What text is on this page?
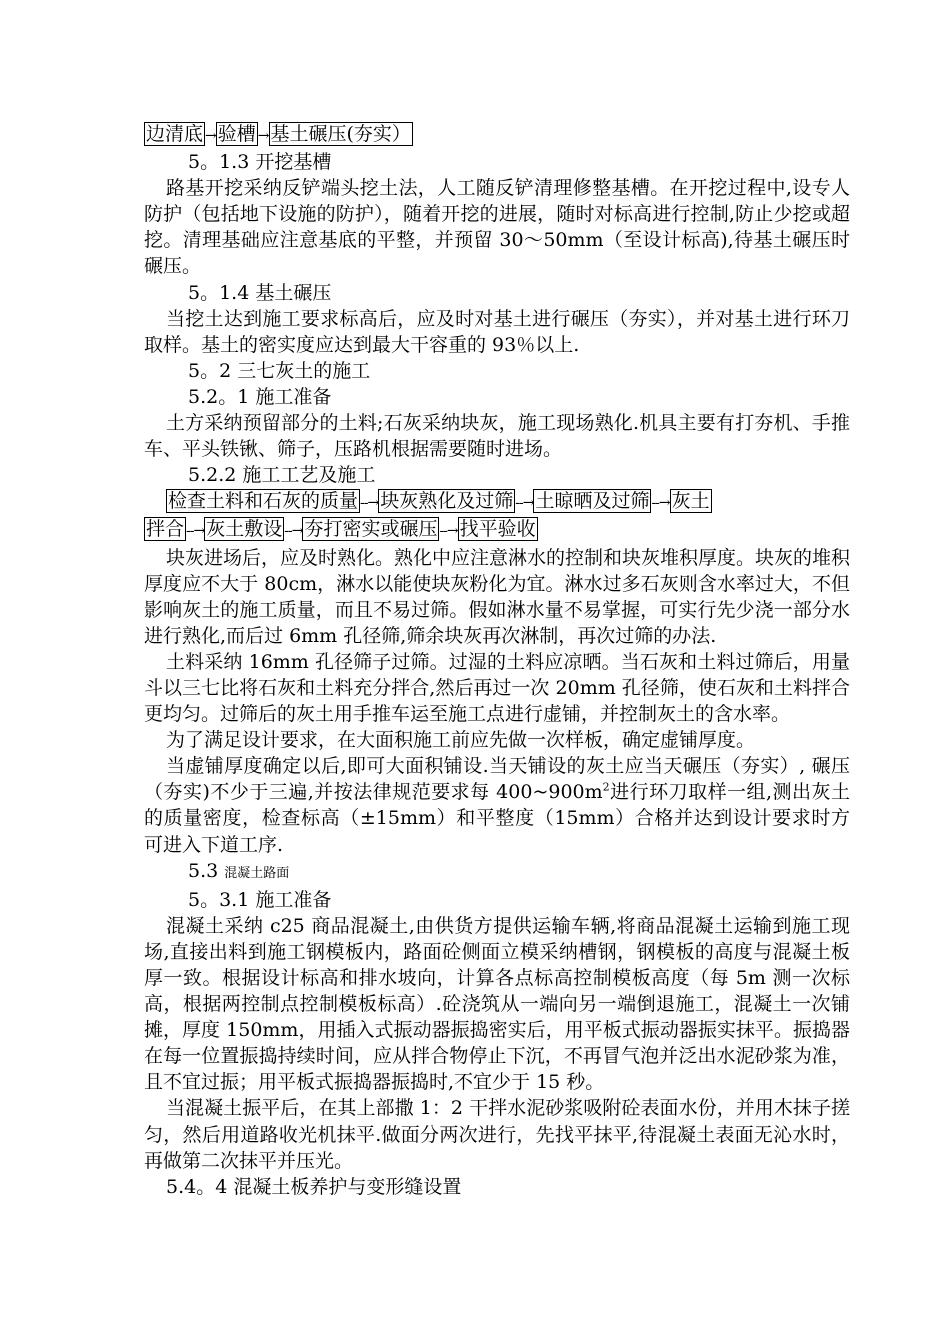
边清底 → 验槽 → 基土碾压(夯实）

5。1.3 开挖基槽

路基开挖采纳反铲端头挖土法，人工随反铲清理修整基槽。在开挖过程中,设专人防护（包括地下设施的防护），随着开挖的进展，随时对标高进行控制,防止少挖或超挖。清理基础应注意基底的平整，并预留 30～50mm（至设计标高),待基土碾压时碾压。

5。1.4 基土碾压

当挖土达到施工要求标高后，应及时对基土进行碾压（夯实），并对基土进行环刀取样。基土的密实度应达到最大干容重的 93％以上.

5。2 三七灰土的施工

5.2。1 施工准备

土方采纳预留部分的土料;石灰采纳块灰，施工现场熟化.机具主要有打夯机、手推车、平头铁锹、筛子，压路机根据需要随时进场。

5.2.2 施工工艺及施工

检查土料和石灰的质量 --→ 块灰熟化及过筛 --→ 土晾晒及过筛 --→ 灰土

拌合 --→ 灰土敷设 --→ 夯打密实或碾压 --→ 找平验收

块灰进场后，应及时熟化。熟化中应注意淋水的控制和块灰堆积厚度。块灰的堆积厚度应不大于 80cm，淋水以能使块灰粉化为宜。淋水过多石灰则含水率过大，不但影响灰土的施工质量，而且不易过筛。假如淋水量不易掌握，可实行先少浇一部分水进行熟化,而后过 6mm 孔径筛,筛余块灰再次淋制，再次过筛的办法.

土料采纳 16mm 孔径筛子过筛。过湿的土料应凉晒。当石灰和土料过筛后，用量斗以三七比将石灰和土料充分拌合,然后再过一次 20mm 孔径筛，使石灰和土料拌合更均匀。过筛后的灰土用手推车运至施工点进行虚铺，并控制灰土的含水率。

为了满足设计要求，在大面积施工前应先做一次样板，确定虚铺厚度。

当虚铺厚度确定以后,即可大面积铺设.当天铺设的灰土应当天碾压（夯实）, 碾压（夯实)不少于三遍,并按法律规范要求每 $400\sim 900m^2$进行环刀取样一组,测出灰土的质量密度，检查标高（±15mm）和平整度（15mm）合格并达到设计要求时方可进入下道工序.

5.3 混凝土路面

5。3.1 施工准备

混凝土采纳 c25 商品混凝土,由供货方提供运输车辆,将商品混凝土运输到施工现场,直接出料到施工钢模板内，路面砼侧面立模采纳槽钢，钢模板的高度与混凝土板厚一致。根据设计标高和排水坡向，计算各点标高控制模板高度（每 5m 测一次标高，根据两控制点控制模板标高）.砼浇筑从一端向另一端倒退施工，混凝土一次铺摊，厚度 150mm，用插入式振动器振捣密实后，用平板式振动器振实抹平。振捣器在每一位置振捣持续时间，应从拌合物停止下沉，不再冒气泡并泛出水泥砂浆为准，且不宜过振；用平板式振捣器振捣时,不宜少于 15 秒。

当混凝土振平后，在其上部撒 1：2 干拌水泥砂浆吸附砼表面水份，并用木抹子搓匀，然后用道路收光机抹平.做面分两次进行，先找平抹平,待混凝土表面无沁水时，再做第二次抹平并压光。

5.4。4 混凝土板养护与变形缝设置
